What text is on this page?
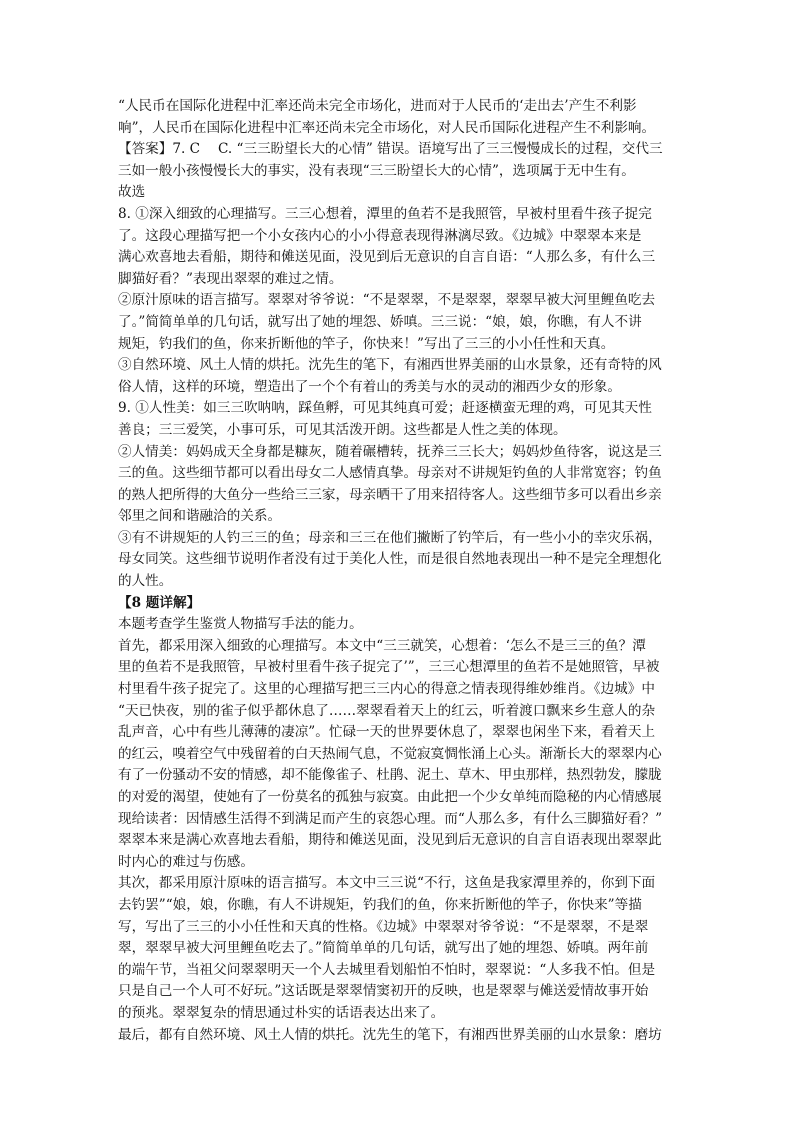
“人民币在国际化进程中汇率还尚未完全市场化，进而对于人民币的‘走出去’产生不利影
响”，人民币在国际化进程中汇率还尚未完全市场化，对人民币国际化进程产生不利影响。
【答案】7. C　 C. “三三盼望长大的心情” 错误。语境写出了三三慢慢成长的过程，交代三
三如一般小孩慢慢长大的事实，没有表现“三三盼望长大的心情”，选项属于无中生有。
故选
8. ①深入细致的心理描写。三三心想着，潭里的鱼若不是我照管，早被村里看牛孩子捉完
了。这段心理描写把一个小女孩内心的小小得意表现得淋漓尽致。《边城》中翠翠本来是
满心欢喜地去看船，期待和傩送见面，没见到后无意识的自言自语：“人那么多，有什么三
脚猫好看？”表现出翠翠的难过之情。
②原汁原味的语言描写。翠翠对爷爷说：“不是翠翠，不是翠翠，翠翠早被大河里鲤鱼吃去
了。”简简单单的几句话，就写出了她的埋怨、娇嗔。三三说：“娘，娘，你瞧，有人不讲
规矩，钓我们的鱼，你来折断他的竿子，你快来！”写出了三三的小小任性和天真。
③自然环境、风土人情的烘托。沈先生的笔下，有湘西世界美丽的山水景象，还有奇特的风
俗人情，这样的环境，塑造出了一个个有着山的秀美与水的灵动的湘西少女的形象。
9. ①人性美：如三三吹呐呐，踩鱼孵，可见其纯真可爱；赶逐横蛮无理的鸡，可见其天性
善良；三三爱笑，小事可乐，可见其活泼开朗。这些都是人性之美的体现。
②人情美：妈妈成天全身都是糠灰，随着碾槽转，抚养三三长大；妈妈炒鱼待客，说这是三
三的鱼。这些细节都可以看出母女二人感情真挚。母亲对不讲规矩钓鱼的人非常宽容；钓鱼
的熟人把所得的大鱼分一些给三三家，母亲晒干了用来招待客人。这些细节多可以看出乡亲
邻里之间和谐融洽的关系。
③有不讲规矩的人钓三三的鱼；母亲和三三在他们撇断了钓竿后，有一些小小的幸灾乐祸，
母女同笑。这些细节说明作者没有过于美化人性，而是很自然地表现出一种不是完全理想化
的人性。
【8 题详解】
本题考查学生鉴赏人物描写手法的能力。
首先，都采用深入细致的心理描写。本文中“三三就笑，心想着：‘怎么不是三三的鱼？潭
里的鱼若不是我照管，早被村里看牛孩子捉完了’”，三三心想潭里的鱼若不是她照管，早被
村里看牛孩子捉完了。这里的心理描写把三三内心的得意之情表现得维妙维肖。《边城》中
“天已快夜，别的雀子似乎都休息了……翠翠看着天上的红云，听着渡口飘来乡生意人的杂
乱声音，心中有些儿薄薄的凄凉”。忙碌一天的世界要休息了，翠翠也闲坐下来，看着天上
的红云，嗅着空气中残留着的白天热闹气息，不觉寂寞惆怅涌上心头。渐渐长大的翠翠内心
有了一份骚动不安的情感，却不能像雀子、杜鹃、泥土、草木、甲虫那样，热烈勃发，朦胧
的对爱的渴望，使她有了一份莫名的孤独与寂寞。由此把一个少女单纯而隐秘的内心情感展
现给读者：因情感生活得不到满足而产生的哀怨心理。而“人那么多，有什么三脚猫好看？”
翠翠本来是满心欢喜地去看船，期待和傩送见面，没见到后无意识的自言自语表现出翠翠此
时内心的难过与伤感。
其次，都采用原汁原味的语言描写。本文中三三说“不行，这鱼是我家潭里养的，你到下面
去钓罢”“娘，娘，你瞧，有人不讲规矩，钓我们的鱼，你来折断他的竿子，你快来”等描
写，写出了三三的小小任性和天真的性格。《边城》中翠翠对爷爷说：“不是翠翠，不是翠
翠，翠翠早被大河里鲤鱼吃去了。”简简单单的几句话，就写出了她的埋怨、娇嗔。两年前
的端午节，当祖父问翠翠明天一个人去城里看划船怕不怕时，翠翠说：“人多我不怕。但是
只是自己一个人可不好玩。”这话既是翠翠情窦初开的反映，也是翠翠与傩送爱情故事开始
的预兆。翠翠复杂的情思通过朴实的话语表达出来了。
最后，都有自然环境、风土人情的烘托。沈先生的笔下，有湘西世界美丽的山水景象：磨坊
